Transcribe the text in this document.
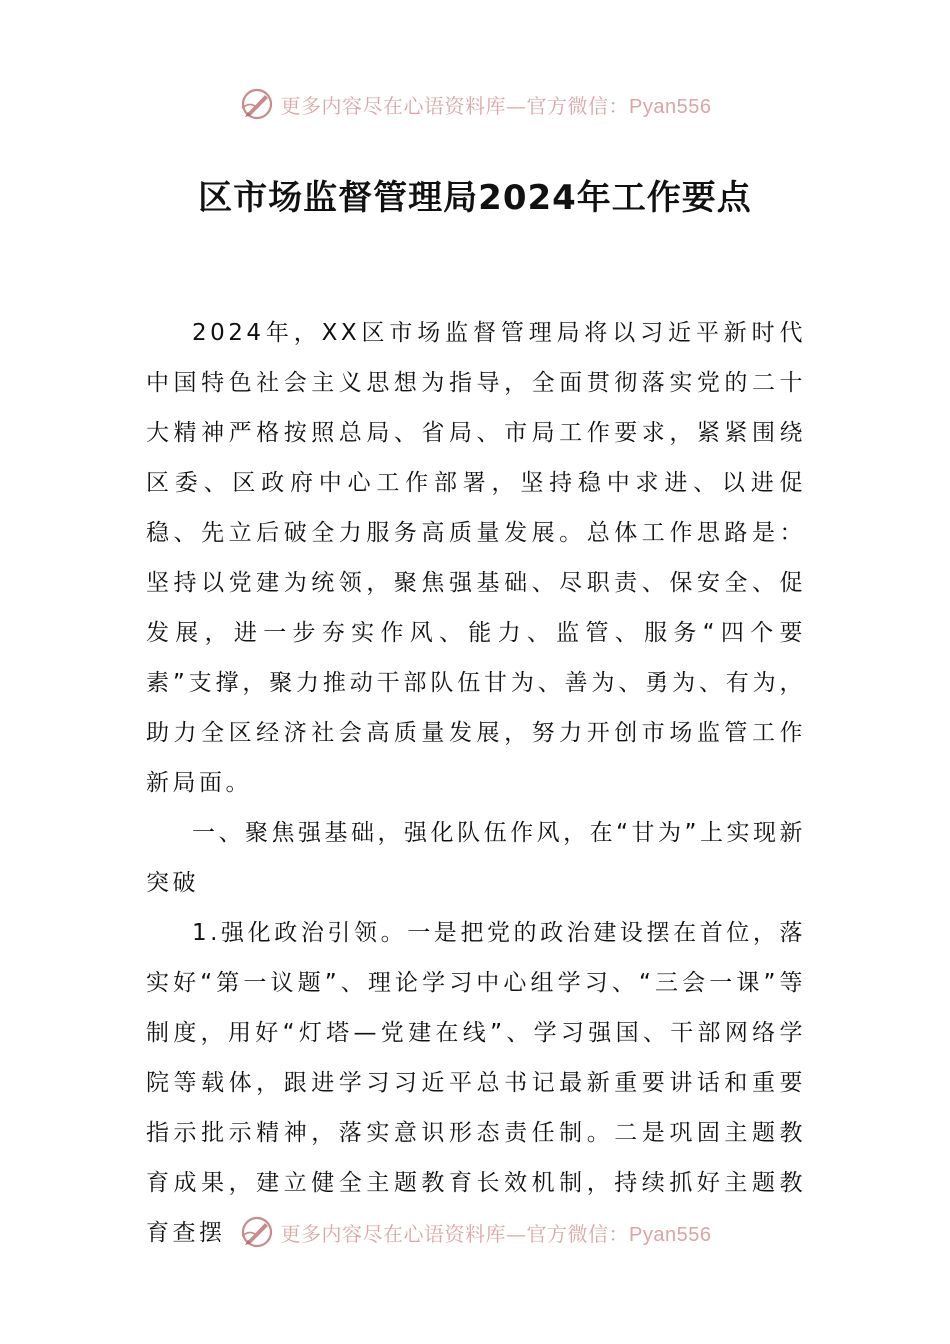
更多内容尽在心语资料库—官方微信：Pyan556
区市场监督管理局2024年工作要点

2024年，XX区市场监督管理局将以习近平新时代中国特色社会主义思想为指导，全面贯彻落实党的二十大精神严格按照总局、省局、市局工作要求，紧紧围绕区委、区政府中心工作部署，坚持稳中求进、以进促稳、先立后破全力服务高质量发展。总体工作思路是：坚持以党建为统领，聚焦强基础、尽职责、保安全、促发展，进一步夯实作风、能力、监管、服务“四个要素”支撑，聚力推动干部队伍甘为、善为、勇为、有为，助力全区经济社会高质量发展，努力开创市场监管工作新局面。

一、聚焦强基础，强化队伍作风，在“甘为”上实现新突破

1.强化政治引领。一是把党的政治建设摆在首位，落实好“第一议题”、理论学习中心组学习、“三会一课”等制度，用好“灯塔—党建在线”、学习强国、干部网络学院等载体，跟进学习习近平总书记最新重要讲话和重要指示批示精神，落实意识形态责任制。二是巩固主题教育成果，建立健全主题教育长效机制，持续抓好主题教育查摆	更多内容尽在心语资料库—官方微信：Pyan556
